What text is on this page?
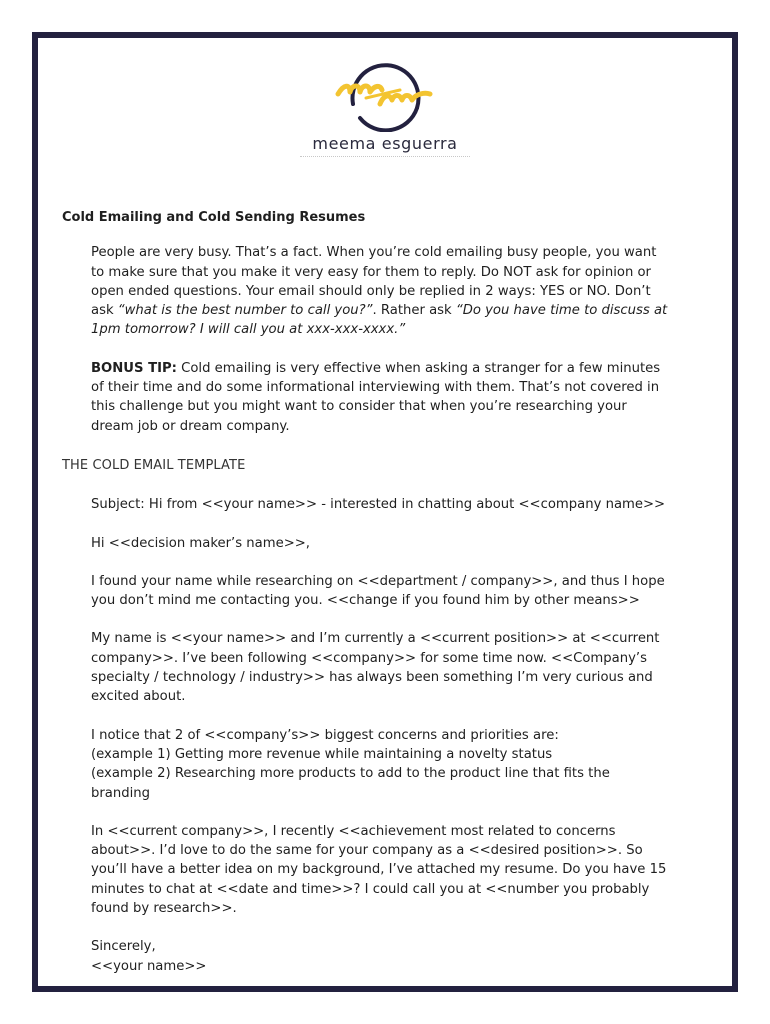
meema esguerra
Cold Emailing and Cold Sending Resumes

People are very busy. That’s a fact. When you’re cold emailing busy people, you want to make sure that you make it very easy for them to reply. Do NOT ask for opinion or open ended questions. Your email should only be replied in 2 ways: YES or NO. Don’t ask “what is the best number to call you?”. Rather ask “Do you have time to discuss at 1pm tomorrow? I will call you at xxx-xxx-xxxx.”

BONUS TIP: Cold emailing is very effective when asking a stranger for a few minutes of their time and do some informational interviewing with them. That’s not covered in this challenge but you might want to consider that when you’re researching your dream job or dream company.

THE COLD EMAIL TEMPLATE

Subject: Hi from <<your name>> - interested in chatting about <<company name>>

Hi <<decision maker’s name>>,

I found your name while researching on <<department / company>>, and thus I hope you don’t mind me contacting you. <<change if you found him by other means>>

My name is <<your name>> and I’m currently a <<current position>> at <<current company>>. I’ve been following <<company>> for some time now. <<Company’s specialty / technology / industry>> has always been something I’m very curious and excited about.

I notice that 2 of <<company’s>> biggest concerns and priorities are:

(example 1) Getting more revenue while maintaining a novelty status

(example 2) Researching more products to add to the product line that fits the branding

In <<current company>>, I recently <<achievement most related to concerns about>>. I’d love to do the same for your company as a <<desired position>>. So you’ll have a better idea on my background, I’ve attached my resume. Do you have 15 minutes to chat at <<date and time>>? I could call you at <<number you probably found by research>>.

Sincerely,

<<your name>>
